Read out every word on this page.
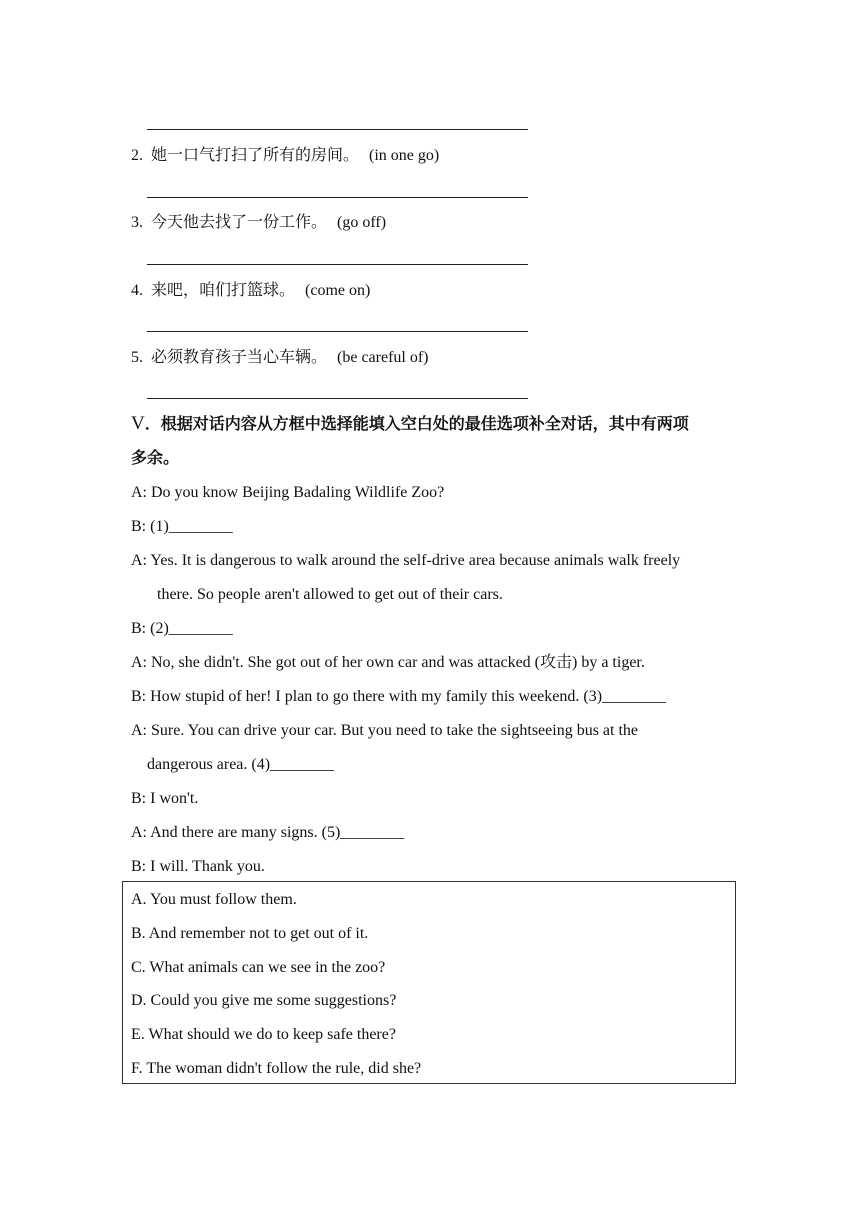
2. 她一口气打扫了所有的房间。 (in one go)
3. 今天他去找了一份工作。 (go off)
4. 来吧，咱们打篮球。 (come on)
5. 必须教育孩子当心车辆。 (be careful of)
V．根据对话内容从方框中选择能填入空白处的最佳选项补全对话，其中有两项
多余。
A: Do you know Beijing Badaling Wildlife Zoo?
B: (1)________
A: Yes. It is dangerous to walk around the self-drive area because animals walk freely
there. So people aren't allowed to get out of their cars.
B: (2)________
A: No, she didn't. She got out of her own car and was attacked (攻击) by a tiger.
B: How stupid of her! I plan to go there with my family this weekend. (3)________
A: Sure. You can drive your car. But you need to take the sightseeing bus at the
dangerous area. (4)________
B: I won't.
A: And there are many signs. (5)________
B: I will. Thank you.
A. You must follow them.
B. And remember not to get out of it.
C. What animals can we see in the zoo?
D. Could you give me some suggestions?
E. What should we do to keep safe there?
F. The woman didn't follow the rule, did she?
